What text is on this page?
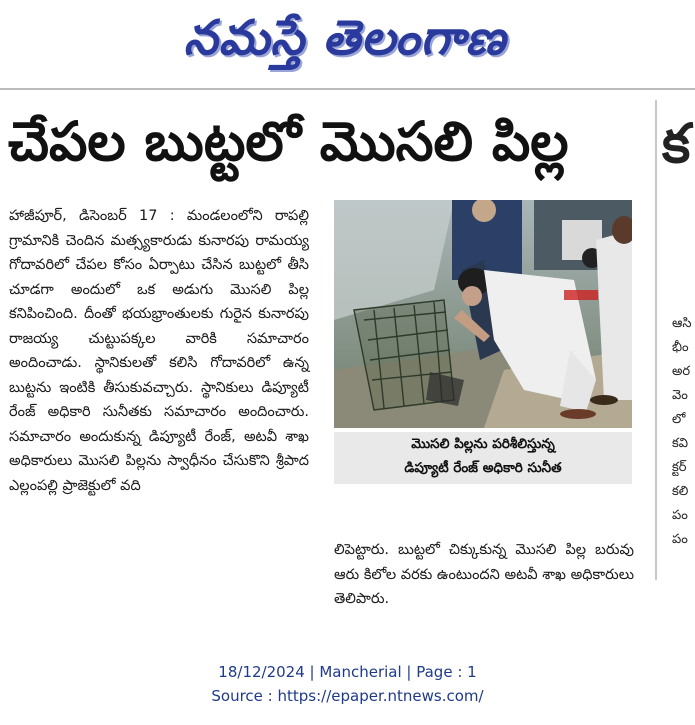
నమస్తే తెలంగాణ
చేపల బుట్టలో మొసలి పిల్ల	క
హాజీపూర్‌, డిసెంబర్‌ 17 : మండలంలోని రాపల్లి గ్రామానికి చెందిన మత్స్యకారుడు కునారపు రామయ్య గోదావరిలో చేపల కోసం ఏర్పాటు చేసిన బుట్టలో తీసి చూడగా అందులో ఒక అడుగు మొసలి పిల్ల కనిపించింది. దీంతో భయభ్రాంతులకు గురైన కునారపు రాజయ్య చుట్టుపక్కల వారికి సమాచారం అందించాడు. స్థానికులతో కలిసి గోదావరిలో ఉన్న బుట్టను ఇంటికి తీసుకువచ్చారు. స్థానికులు డిప్యూటీ రేంజ్‌ అధికారి సునీతకు సమాచారం అందించారు. సమాచారం అందుకున్న డిప్యూటీ రేంజ్‌, అటవీ శాఖ అధికారులు మొసలి పిల్లను స్వాధీనం చేసుకొని శ్రీపాద ఎల్లంపల్లి ప్రాజెక్టులో వది
మొసలి పిల్లను పరిశీలిస్తున్న
డిప్యూటీ రేంజ్‌ అధికారి సునీత
లిపెట్టారు. బుట్టలో చిక్కుకున్న మొసలి పిల్ల బరువు ఆరు కిలోల వరకు ఉంటుందని అటవీ శాఖ అధికారులు తెలిపారు.
ఆసి
భీం
అర
వెం
లో
కవి
క్టర్
కలి
పం
పం
18/12/2024 | Mancherial | Page : 1
Source : https://epaper.ntnews.com/
